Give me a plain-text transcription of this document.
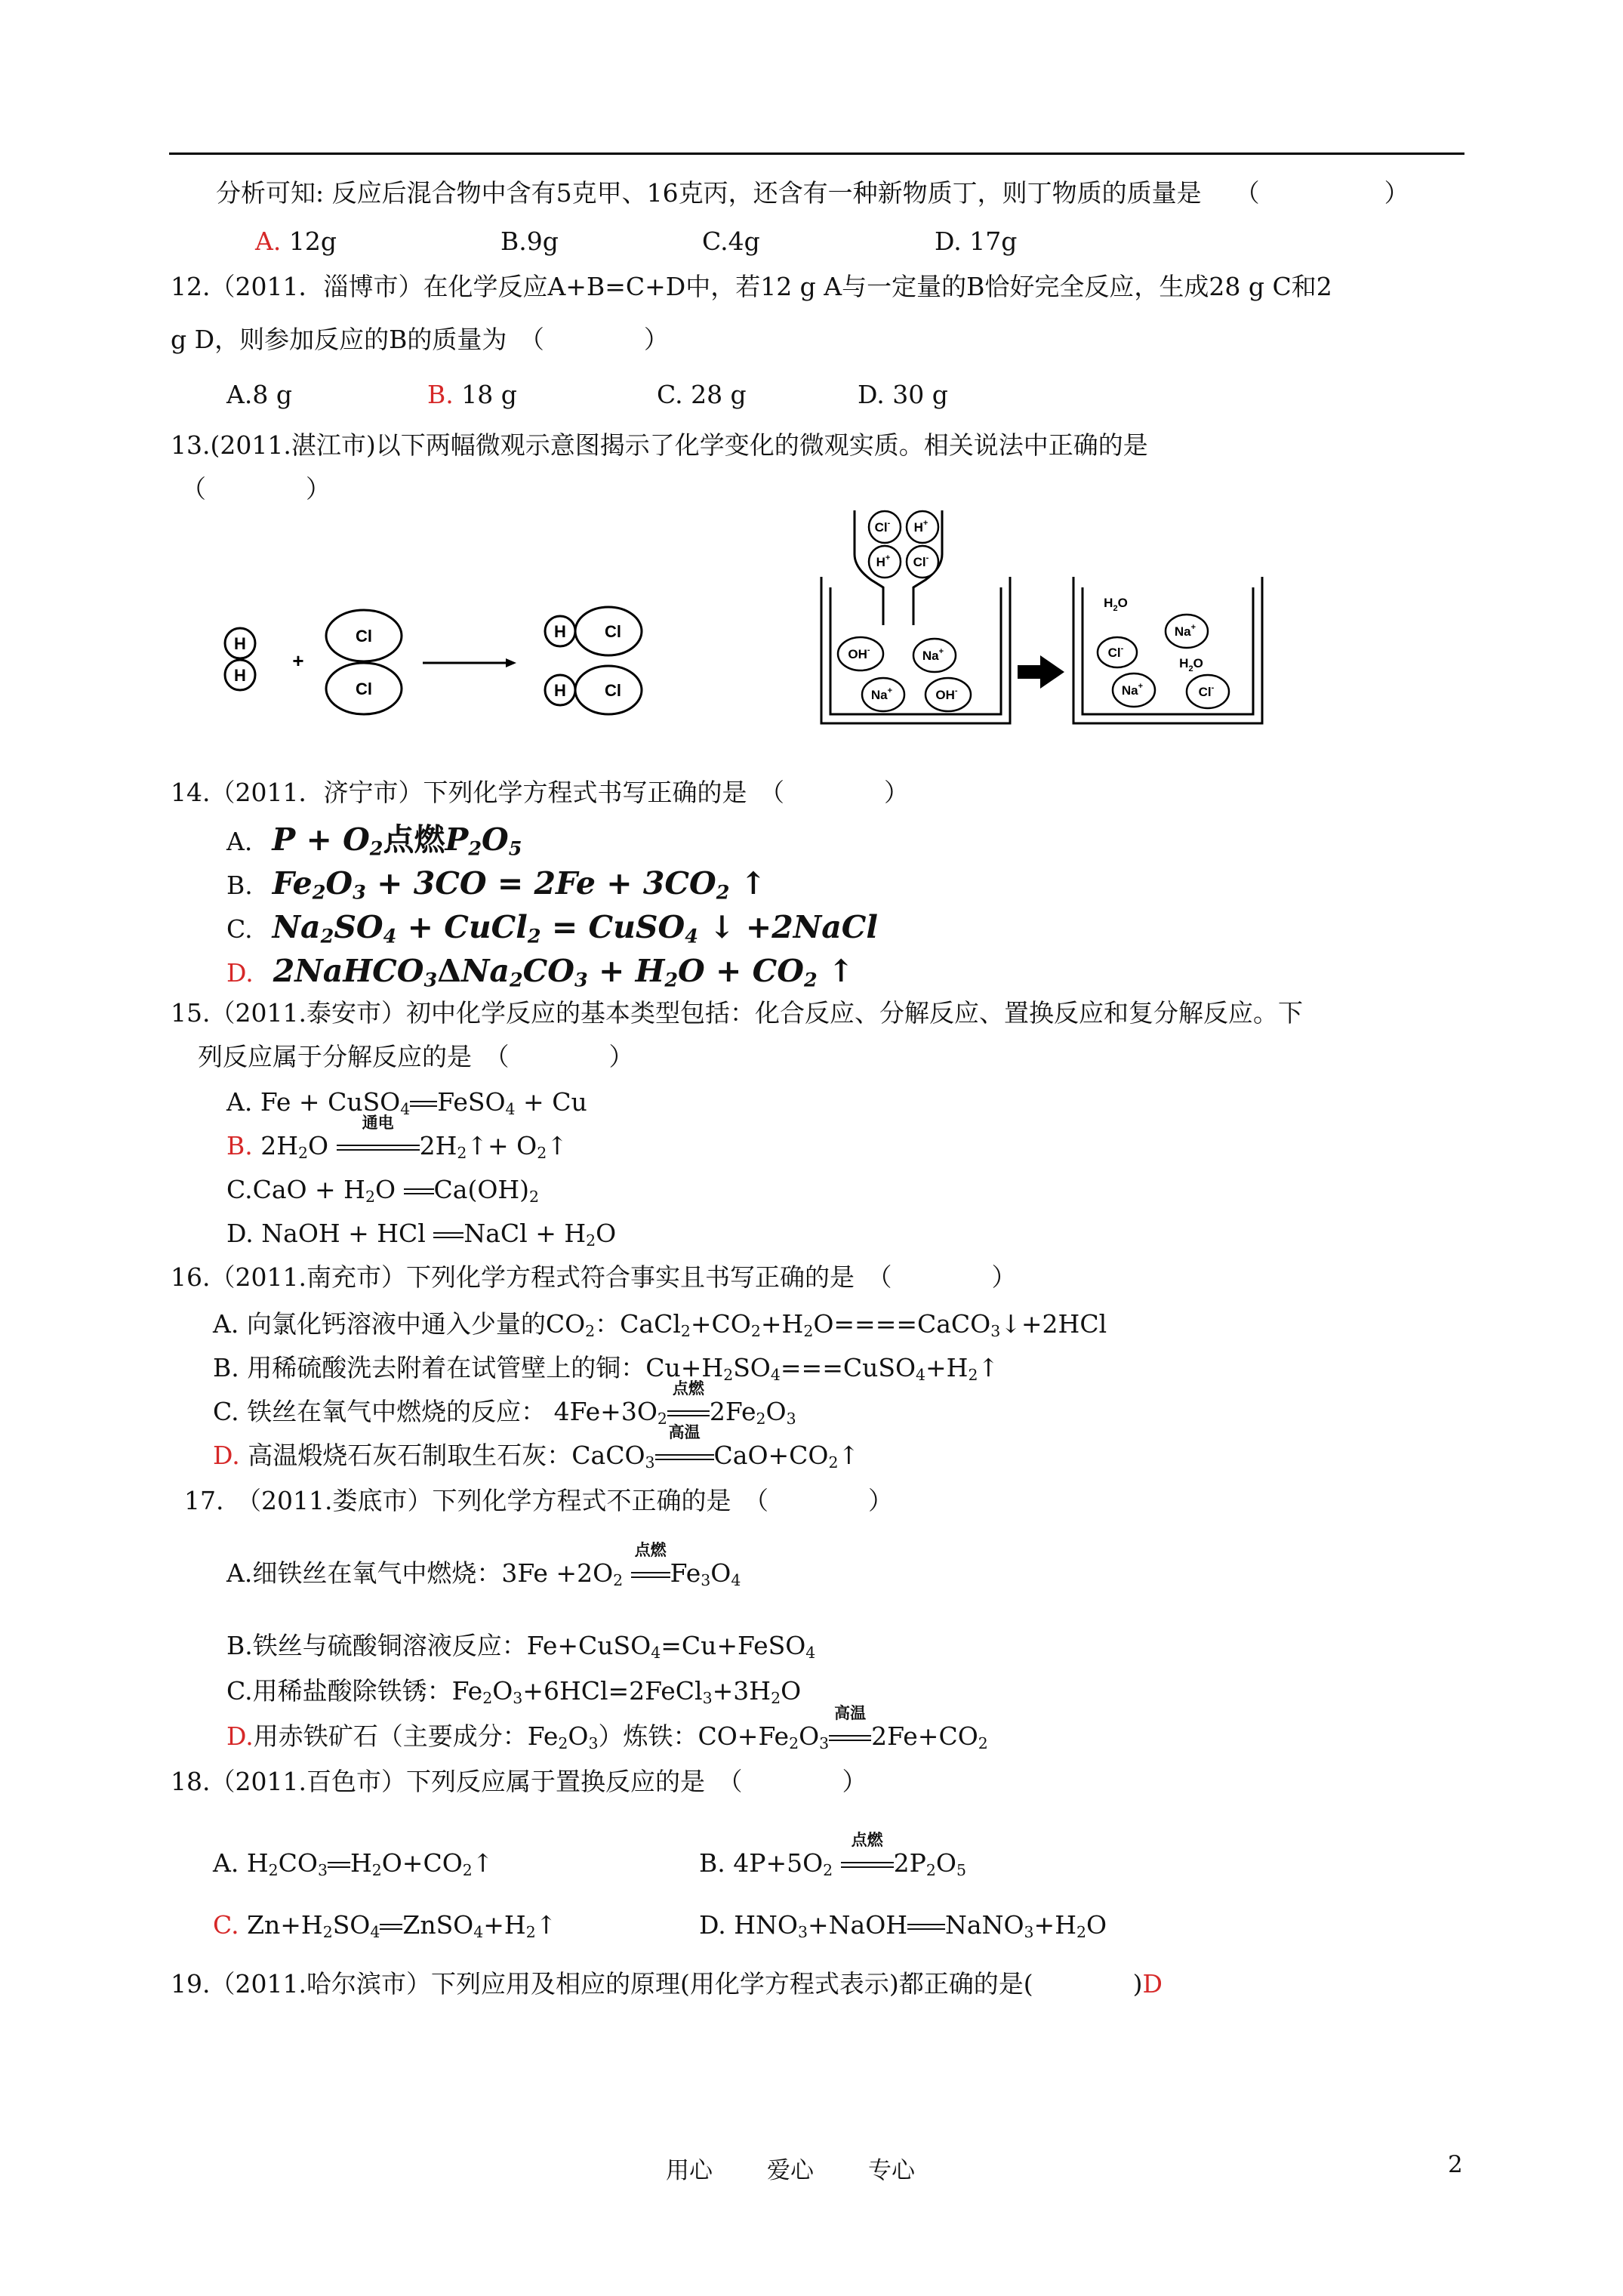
分析可知: 反应后混合物中含有5克甲、16克丙，还含有一种新物质丁，则丁物质的质量是 （　　　　　）
A. 12g	B.9g	C.4g	D. 17g
12.（2011．淄博市）在化学反应A+B=C+D中，若12 g A与一定量的B恰好完全反应，生成28 g C和2
g D，则参加反应的B的质量为　（　　　　）
A.8 g	B. 18 g	C. 28 g	D. 30 g
13.(2011.湛江市)以下两幅微观示意图揭示了化学变化的微观实质。相关说法中正确的是
（　　　　）
H
H
Cl
Cl
H
H
Cl
Cl
+
Cl- H+
H+ Cl-
OH-	Na+
Na+	OH-
$H_2O$
Cl-
Na+
$H_2O$
Na+	Cl-
14.（2011．济宁市）下列化学方程式书写正确的是　（　　　　）
A. $P + O_2$点燃$P_2O_5$
B. $Fe_2O_3 + 3CO = 2Fe + 3CO_2$ ↑
C. $Na_2SO_4$ + CuCl$_2$ = CuSO$_4$ ↓ +2NaCl
D. $2NaHCO_3\Delta Na_2CO_3 + H_2O + CO_2$ ↑
15.（2011.泰安市）初中化学反应的基本类型包括：化合反应、分解反应、置换反应和复分解反应。下
列反应属于分解反应的是　（　　　　）
A. Fe + CuSO$_4$ FeSO$_4$ + Cu
B. $2H_2O$
通电
$2H_2↑+$ $O_2↑$
$C.CaO + H_2O$ $Ca(OH)_2$
D. NaOH + HCl NaCl + $H_2O$
16.（2011.南充市）下列化学方程式符合事实且书写正确的是　（　　　　）
A. 向氯化钙溶液中通入少量的$CO_2$：$CaCl_2+CO_2+H_2O====CaCO_3↓+2HCl$
B. 用稀硫酸洗去附着在试管壁上的铜：$Cu+H_2SO_4===CuSO_4+H_2↑$
C. 铁丝在氧气中燃烧的反应： $4Fe+3O_2$
点燃
$2Fe_2O_3$
D. 高温煅烧石灰石制取生石灰：CaCO$_3$
高温
$CaO+CO_2↑$
17.　（2011.娄底市）下列化学方程式不正确的是　（　　　　）
A.细铁丝在氧气中燃烧：$3Fe +2O_2$
点燃
$Fe_3O_4$
B.铁丝与硫酸铜溶液反应：Fe+CuSO$_4$=Cu+FeSO$_4$
C.用稀盐酸除铁锈：$Fe_2O_3+6HCl=2FeCl_3+3H_2O$
D.用赤铁矿石（主要成分：$Fe_2O_3$）炼铁：$CO+Fe_2O_3$
高温
$2Fe+CO_2$
18.（2011.百色市）下列反应属于置换反应的是　（　　　　）
A. $H_2CO_3$ $H_2O+CO_2↑$	B. $4P+5O_2$
点燃
$2P_2O_5$
C. $Zn+H_2SO_4$ $ZnSO_4+H_2↑$	D. $HNO_3+NaOH$ $NaNO_3+H_2O$
19.（2011.哈尔滨市）下列应用及相应的原理(用化学方程式表示)都正确的是(　　　　)D
用心 爱心 专心	2
